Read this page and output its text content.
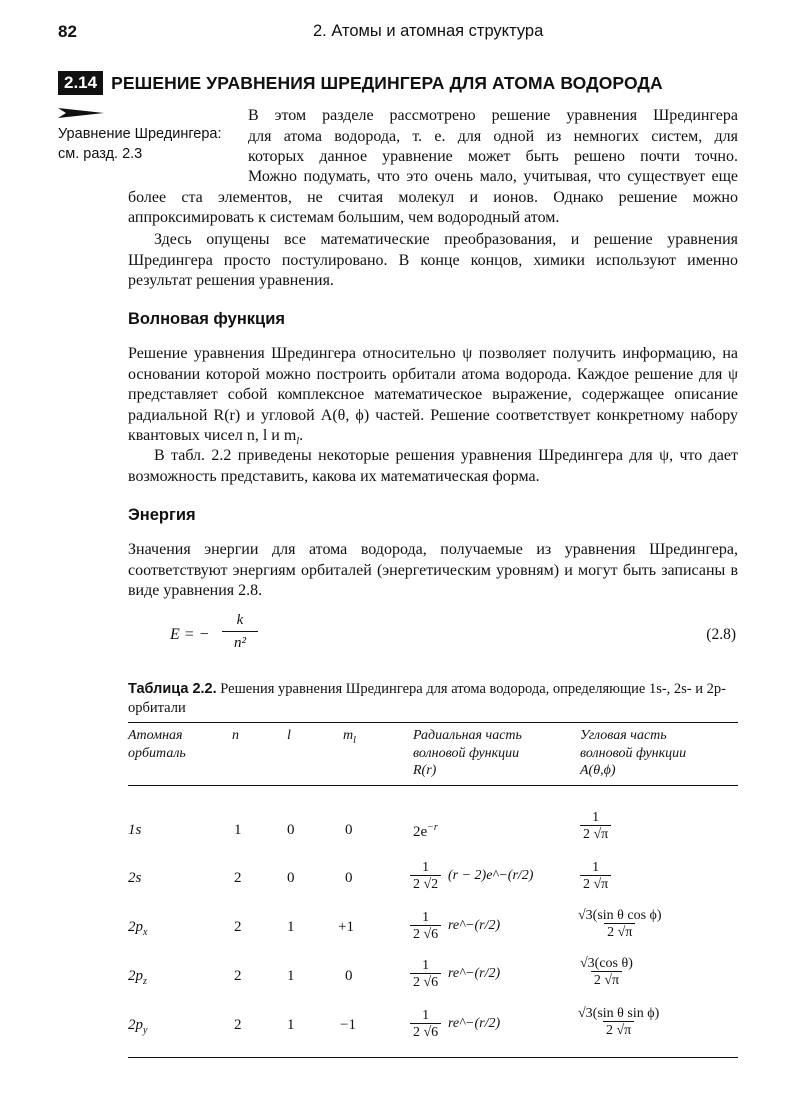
82	2. Атомы и атомная структура
2.14 РЕШЕНИЕ УРАВНЕНИЯ ШРЕДИНГЕРА ДЛЯ АТОМА ВОДОРОДА
Уравнение Шредингера:
см. разд. 2.3
В этом разделе рассмотрено решение уравнения Шредингера
для атома водорода, т. е. для одной из немногих систем, для
которых данное уравнение может быть решено почти точно.
Можно подумать, что это очень мало, учитывая, что существует еще более ста элементов, не считая молекул и ионов. Однако решение можно аппроксимировать к системам большим, чем водородный атом.
Здесь опущены все математические преобразования, и решение уравнения Шредингера просто постулировано. В конце концов, химики используют именно результат решения уравнения.
Волновая функция
Решение уравнения Шредингера относительно ψ позволяет получить информацию, на основании которой можно построить орбитали атома водорода. Каждое решение для ψ представляет собой комплексное математическое выражение, содержащее описание радиальной R(r) и угловой A(θ, ϕ) частей. Решение соответствует конкретному набору квантовых чисел n, l и $m_l$.
В табл. 2.2 приведены некоторые решения уравнения Шредингера для ψ, что дает возможность представить, какова их математическая форма.
Энергия
Значения энергии для атома водорода, получаемые из уравнения Шредингера, соответствуют энергиям орбиталей (энергетическим уровням) и могут быть записаны в виде уравнения 2.8.
E = −
k
n²	(2.8)
Таблица 2.2. Решения уравнения Шредингера для атома водорода, определяющие 1s-, 2s- и 2p-орбитали
Атомная
орбиталь
n	l	$m_l$	Радиальная часть
волновой функции
R(r)
Угловая часть
волновой функции
A(θ,ϕ)
1s	1	0	0	$2e^{-r}$	$\frac{1}{2 √\pi}$
2s	2	0	0	$\frac{1}{2 √2} (r$ − 2)e^−(r/2)	$\frac{1}{2 √\pi}$
$2p_x$	2	1	+1	$\frac{1}{2 √6}$ re^−(r/2)	$\frac{\text{√3(sin θ cos ϕ)}}{2 √\pi}$
$2p_z$	2	1	0	$\frac{1}{2 √6}$ re^−(r/2)	$\frac{\text{√3(cos θ)}}{2 √\pi}$
$2p_y$	2	1	−1	$\frac{1}{2 √6}$ re^−(r/2)	$\frac{\text{√3(sin θ sin ϕ)}}{2 √\pi}$
